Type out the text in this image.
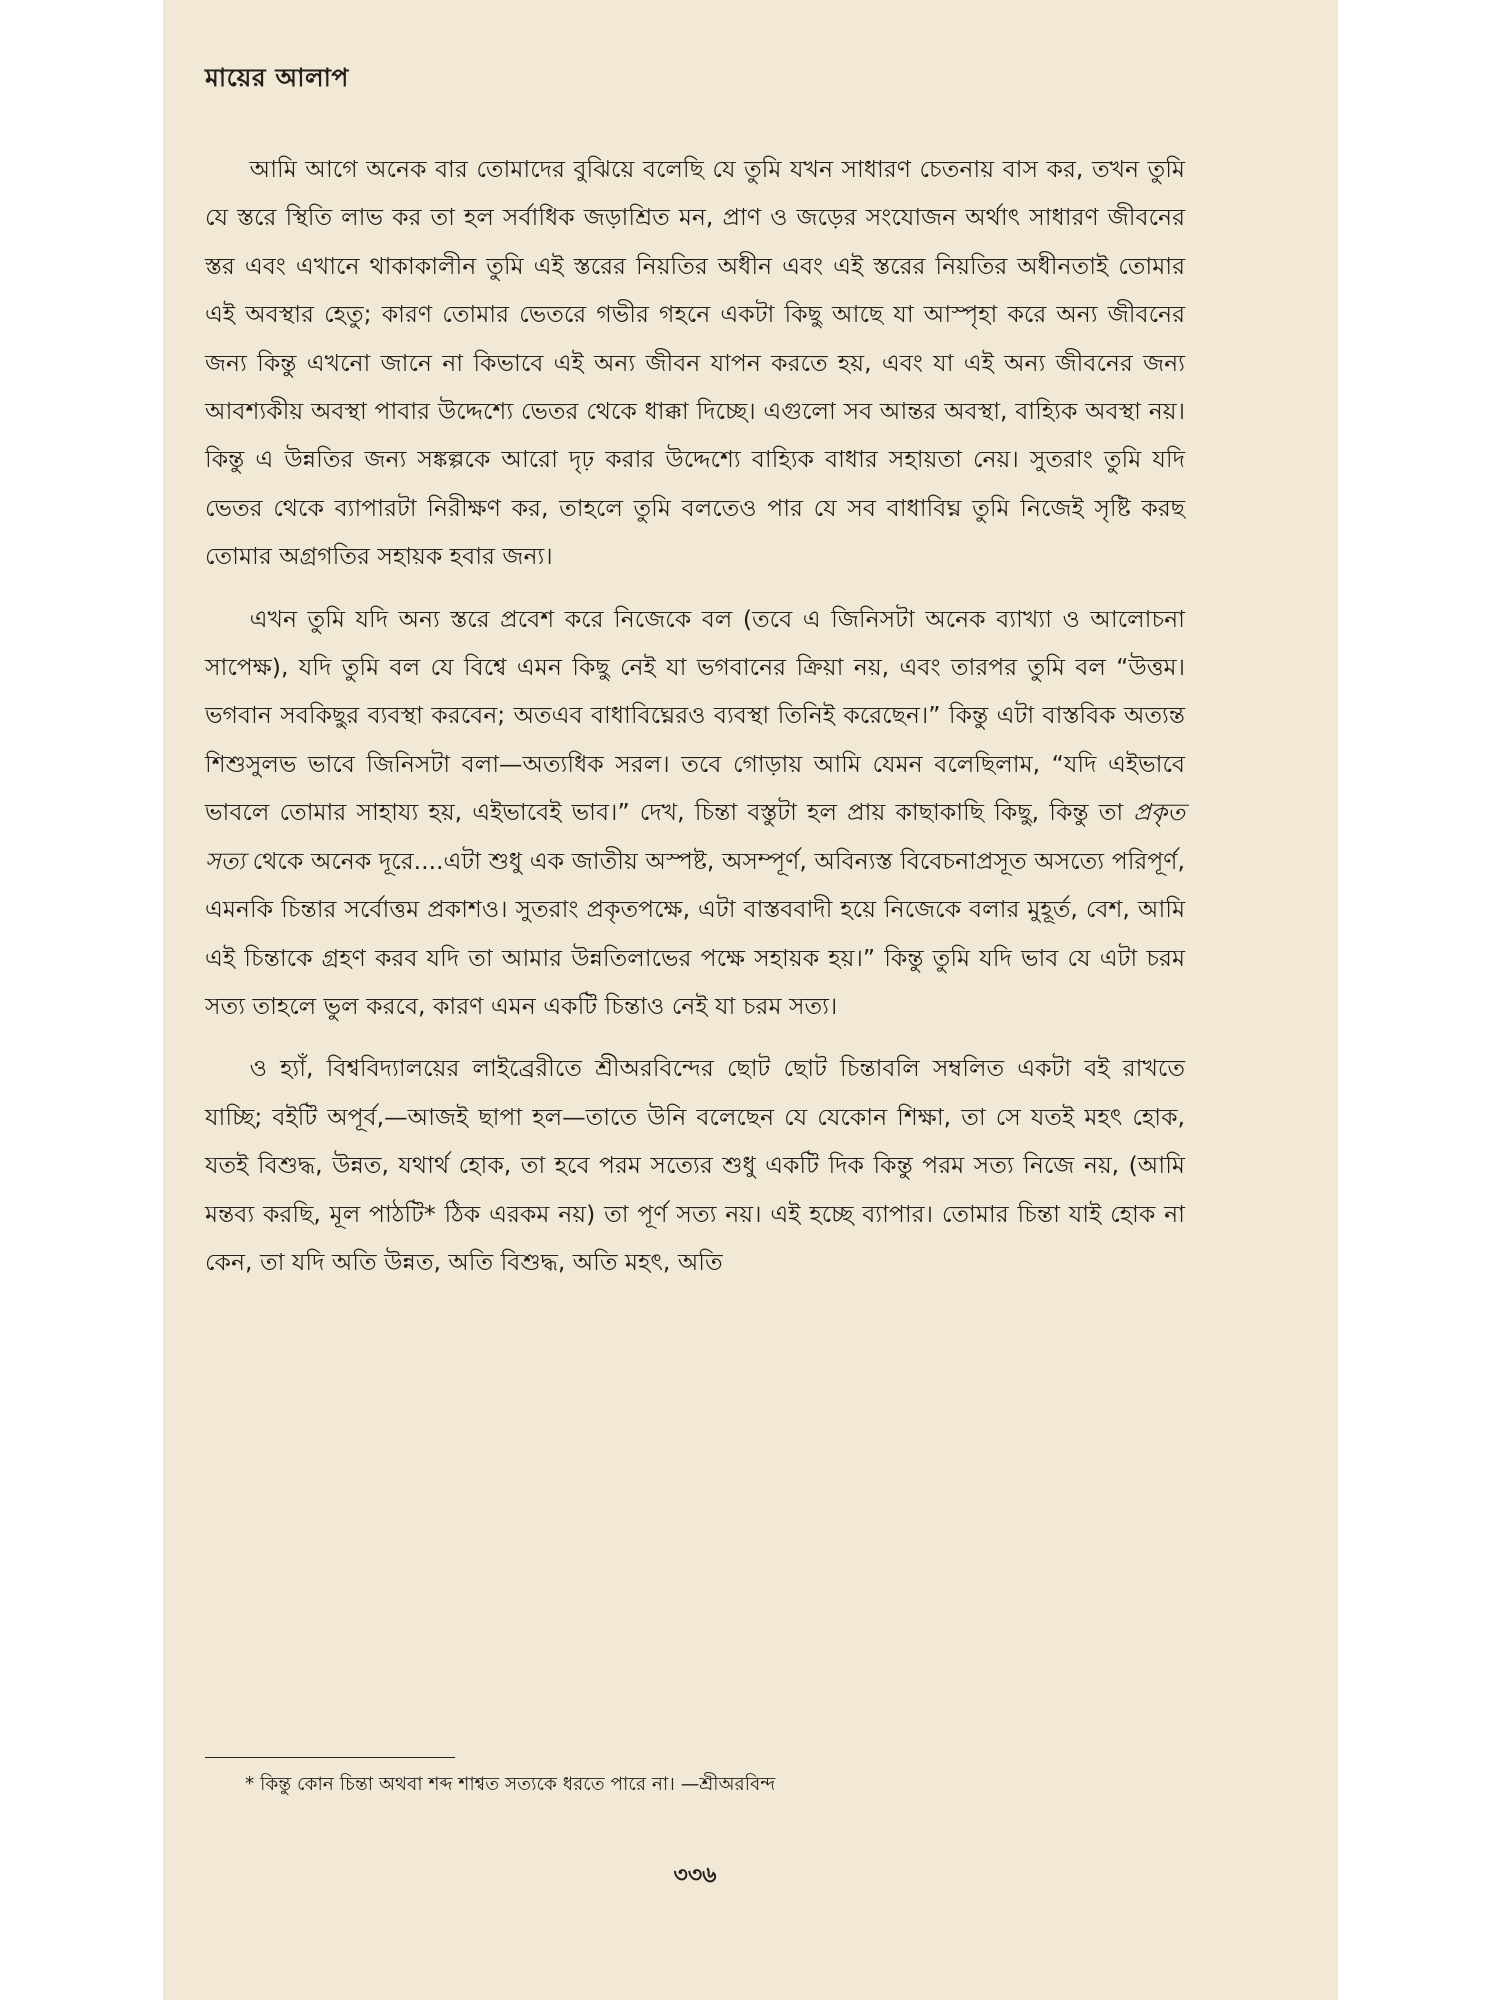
মায়ের আলাপ

আমি আগে অনেক বার তোমাদের বুঝিয়ে বলেছি যে তুমি যখন সাধারণ চেতনায় বাস কর, তখন তুমি যে স্তরে স্থিতি লাভ কর তা হল সর্বাধিক জড়াশ্রিত মন, প্রাণ ও জড়ের সংযোজন অর্থাৎ সাধারণ জীবনের স্তর এবং এখানে থাকাকালীন তুমি এই স্তরের নিয়তির অধীন এবং এই স্তরের নিয়তির অধীনতাই তোমার এই অবস্থার হেতু; কারণ তোমার ভেতরে গভীর গহনে একটা কিছু আছে যা আস্পৃহা করে অন্য জীবনের জন্য কিন্তু এখনো জানে না কিভাবে এই অন্য জীবন যাপন করতে হয়, এবং যা এই অন্য জীবনের জন্য আবশ্যকীয় অবস্থা পাবার উদ্দেশ্যে ভেতর থেকে ধাক্কা দিচ্ছে। এগুলো সব আন্তর অবস্থা, বাহ্যিক অবস্থা নয়। কিন্তু এ উন্নতির জন্য সঙ্কল্পকে আরো দৃঢ় করার উদ্দেশ্যে বাহ্যিক বাধার সহায়তা নেয়। সুতরাং তুমি যদি ভেতর থেকে ব্যাপারটা নিরীক্ষণ কর, তাহলে তুমি বলতেও পার যে সব বাধাবিঘ্ন তুমি নিজেই সৃষ্টি করছ তোমার অগ্রগতির সহায়ক হবার জন্য।

এখন তুমি যদি অন্য স্তরে প্রবেশ করে নিজেকে বল (তবে এ জিনিসটা অনেক ব্যাখ্যা ও আলোচনা সাপেক্ষ), যদি তুমি বল যে বিশ্বে এমন কিছু নেই যা ভগবানের ক্রিয়া নয়, এবং তারপর তুমি বল “উত্তম। ভগবান সবকিছুর ব্যবস্থা করবেন; অতএব বাধাবিঘ্নেরও ব্যবস্থা তিনিই করেছেন।” কিন্তু এটা বাস্তবিক অত্যন্ত শিশুসুলভ ভাবে জিনিসটা বলা—অত্যধিক সরল। তবে গোড়ায় আমি যেমন বলেছিলাম, “যদি এইভাবে ভাবলে তোমার সাহায্য হয়, এইভাবেই ভাব।” দেখ, চিন্তা বস্তুটা হল প্রায় কাছাকাছি কিছু, কিন্তু তা প্রকৃত সত্য থেকে অনেক দূরে....এটা শুধু এক জাতীয় অস্পষ্ট, অসম্পূর্ণ, অবিন্যস্ত বিবেচনাপ্রসূত অসত্যে পরিপূর্ণ, এমনকি চিন্তার সর্বোত্তম প্রকাশও। সুতরাং প্রকৃতপক্ষে, এটা বাস্তববাদী হয়ে নিজেকে বলার মুহূর্ত, বেশ, আমি এই চিন্তাকে গ্রহণ করব যদি তা আমার উন্নতিলাভের পক্ষে সহায়ক হয়।” কিন্তু তুমি যদি ভাব যে এটা চরম সত্য তাহলে ভুল করবে, কারণ এমন একটি চিন্তাও নেই যা চরম সত্য।

ও হ্যাঁ, বিশ্ববিদ্যালয়ের লাইব্রেরীতে শ্রীঅরবিন্দের ছোট ছোট চিন্তাবলি সম্বলিত একটা বই রাখতে যাচ্ছি; বইটি অপূর্ব,—আজই ছাপা হল—তাতে উনি বলেছেন যে যেকোন শিক্ষা, তা সে যতই মহৎ হোক, যতই বিশুদ্ধ, উন্নত, যথার্থ হোক, তা হবে পরম সত্যের শুধু একটি দিক কিন্তু পরম সত্য নিজে নয়, (আমি মন্তব্য করছি, মূল পাঠটি* ঠিক এরকম নয়) তা পূর্ণ সত্য নয়। এই হচ্ছে ব্যাপার। তোমার চিন্তা যাই হোক না কেন, তা যদি অতি উন্নত, অতি বিশুদ্ধ, অতি মহৎ, অতি

* কিন্তু কোন চিন্তা অথবা শব্দ শাশ্বত সত্যকে ধরতে পারে না। —শ্রীঅরবিন্দ
৩৩৬
